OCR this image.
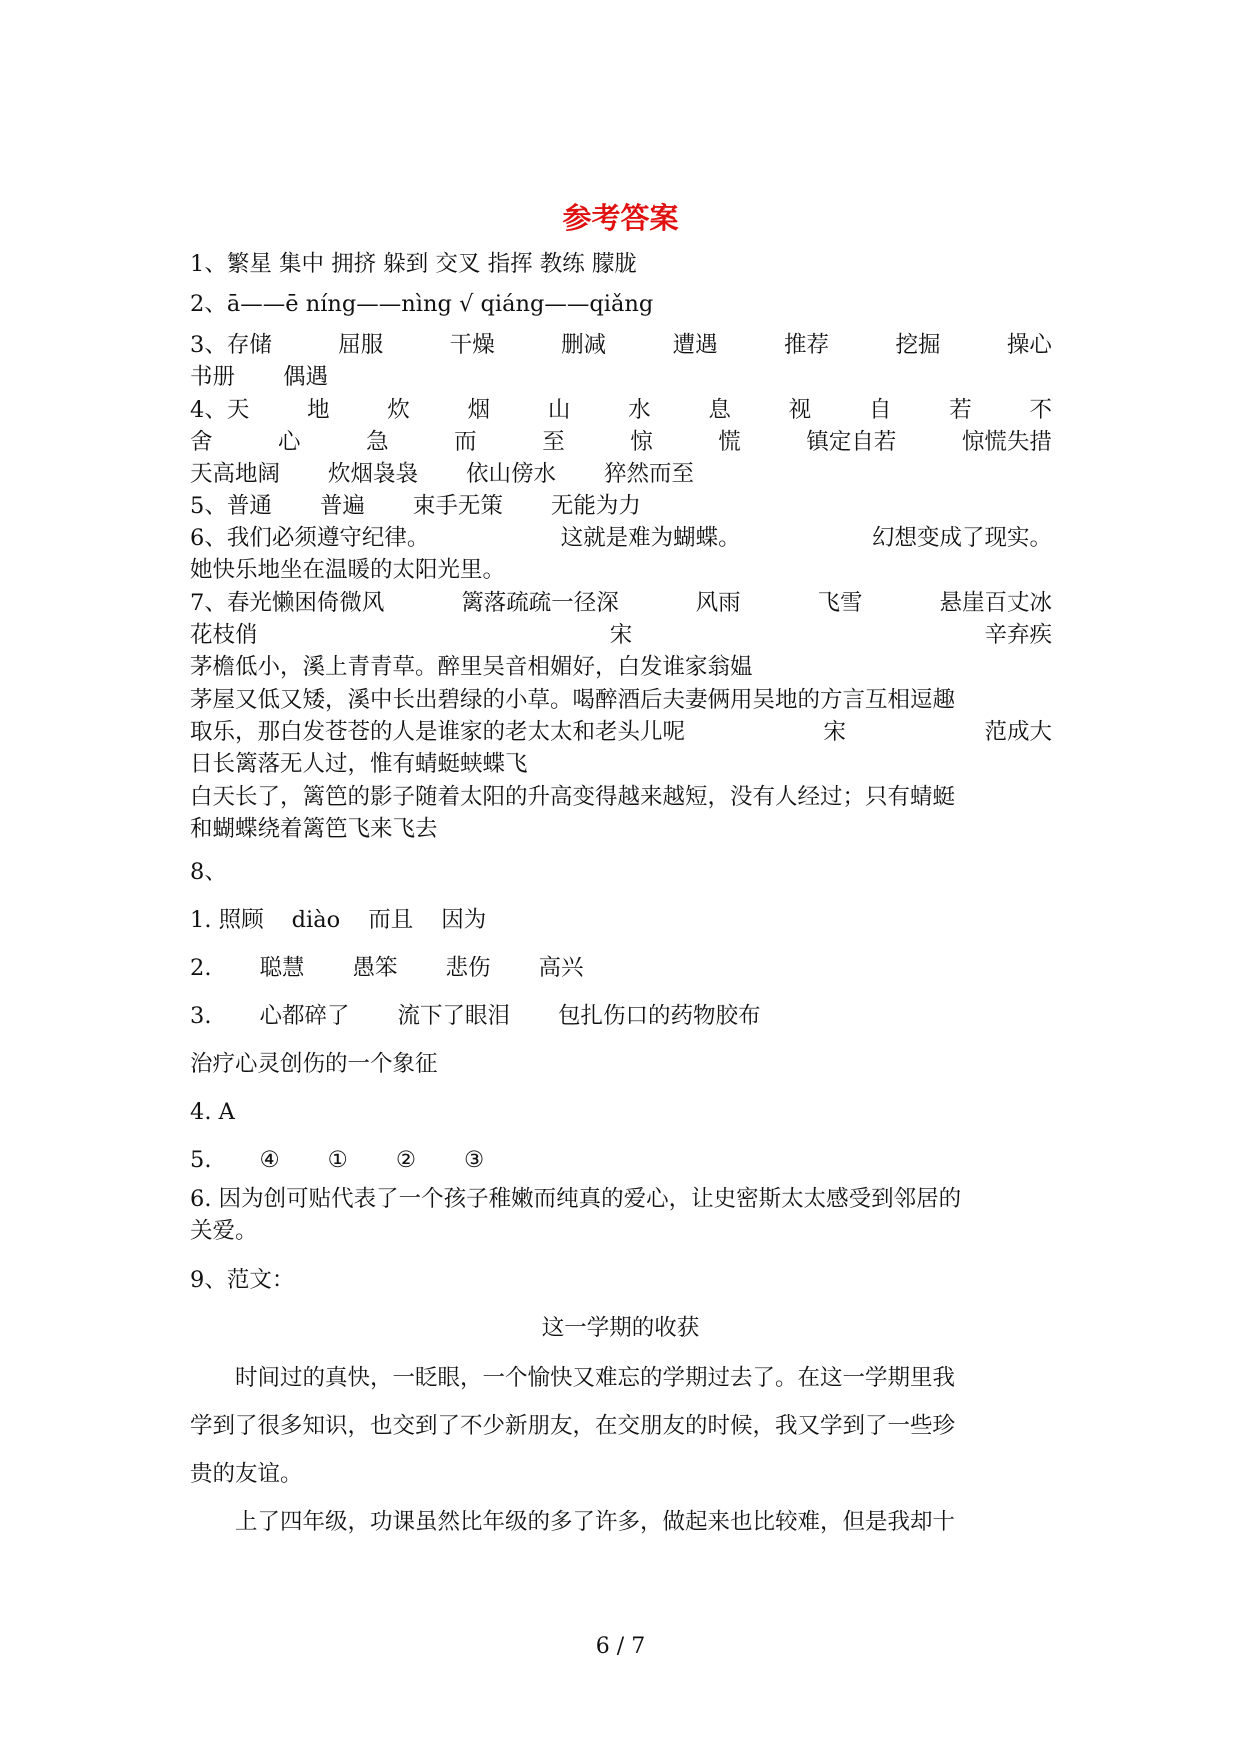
参考答案
1、繁星 集中 拥挤 躲到 交叉 指挥 教练 朦胧
2、ā——ē níng——nìng √ qiáng——qiǎng
3、存储	屈服	干燥	删减	遭遇	推荐	挖掘	操心
书册 偶遇
4、天	地	炊	烟	山	水	息	视	自	若	不
舍	心	急	而	至	惊	慌	镇定自若	惊慌失措
天高地阔 炊烟袅袅 依山傍水 猝然而至
5、普通 普遍 束手无策 无能为力
6、我们必须遵守纪律。	这就是难为蝴蝶。	幻想变成了现实。
她快乐地坐在温暖的太阳光里。
7、春光懒困倚微风	篱落疏疏一径深	风雨	飞雪	悬崖百丈冰
花枝俏	宋	辛弃疾
茅檐低小，溪上青青草。醉里吴音相媚好，白发谁家翁媪
茅屋又低又矮，溪中长出碧绿的小草。喝醉酒后夫妻俩用吴地的方言互相逗趣
取乐，那白发苍苍的人是谁家的老太太和老头儿呢	宋	范成大
日长篱落无人过，惟有蜻蜓蛱蝶飞
白天长了，篱笆的影子随着太阳的升高变得越来越短，没有人经过；只有蜻蜓
和蝴蝶绕着篱笆飞来飞去
8、
1. 照顾 diào 而且 因为
2. 聪慧 愚笨 悲伤 高兴
3. 心都碎了 流下了眼泪 包扎伤口的药物胶布
治疗心灵创伤的一个象征
4. A
5. ④ ① ② ③
6. 因为创可贴代表了一个孩子稚嫩而纯真的爱心，让史密斯太太感受到邻居的
关爱。
9、范文：
这一学期的收获
时间过的真快，一眨眼，一个愉快又难忘的学期过去了。在这一学期里我
学到了很多知识，也交到了不少新朋友，在交朋友的时候，我又学到了一些珍
贵的友谊。
上了四年级，功课虽然比年级的多了许多，做起来也比较难，但是我却十
6 / 7
